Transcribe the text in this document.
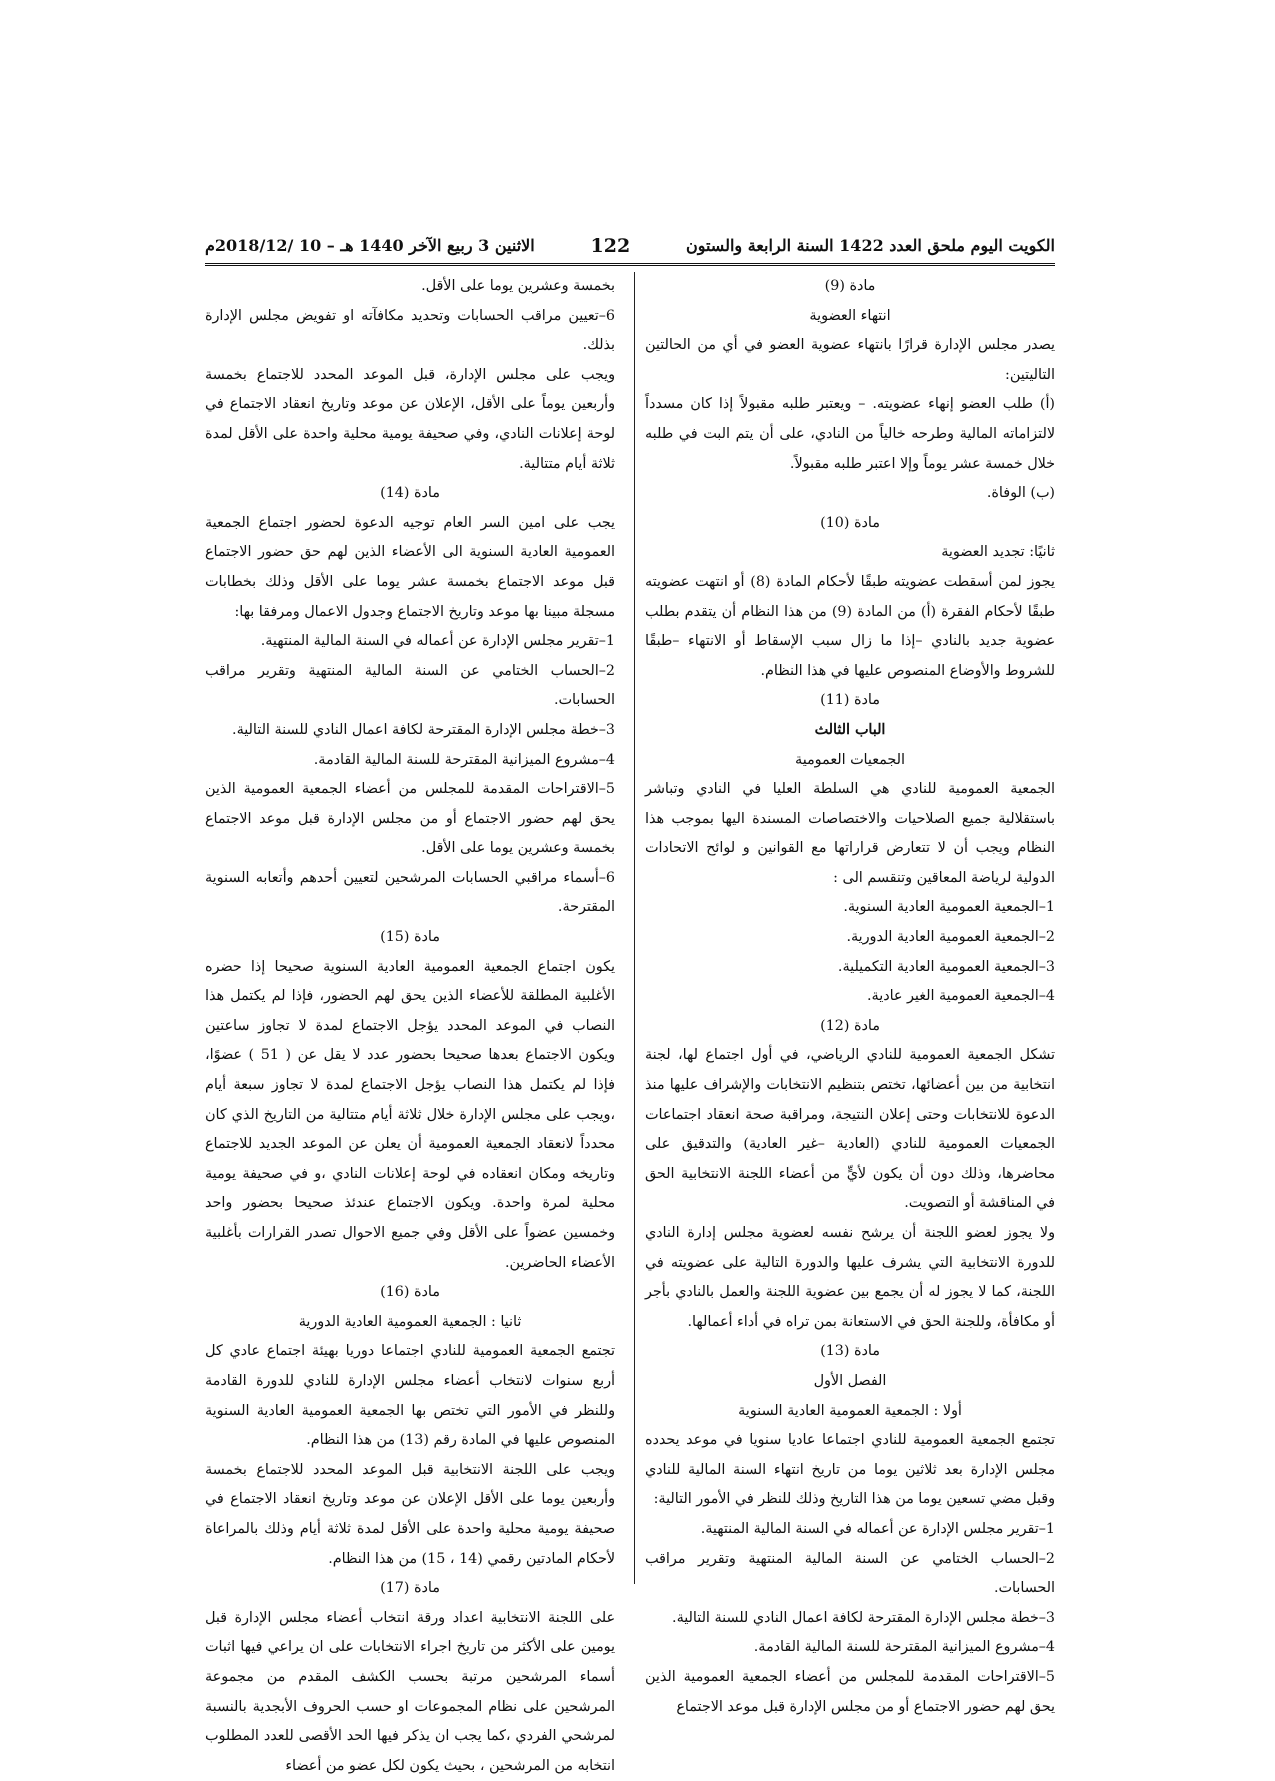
الكويت اليوم ملحق العدد 1422 السنة الرابعة والستون
122
الاثنين 3 ربيع الآخر 1440 هـ – 10 /2018/12م

مادة (9)

انتهاء العضوية

يصدر مجلس الإدارة قرارًا بانتهاء عضوية العضو في أي من الحالتين التاليتين:

(أ) طلب العضو إنهاء عضويته. – ويعتبر طلبه مقبولاً إذا كان مسدداً لالتزاماته المالية وطرحه خالياً من النادي، على أن يتم البت في طلبه خلال خمسة عشر يوماً وإلا اعتبر طلبه مقبولاً.

(ب) الوفاة.

مادة (10)

ثانيًا: تجديد العضوية

يجوز لمن أسقطت عضويته طبقًا لأحكام المادة (8) أو انتهت عضويته طبقًا لأحكام الفقرة (أ) من المادة (9) من هذا النظام أن يتقدم بطلب عضوية جديد بالنادي –إذا ما زال سبب الإسقاط أو الانتهاء –طبقًا للشروط والأوضاع المنصوص عليها في هذا النظام.

مادة (11)

الباب الثالث

الجمعيات العمومية

الجمعية العمومية للنادي هي السلطة العليا في النادي وتباشر باستقلالية جميع الصلاحيات والاختصاصات المسندة اليها بموجب هذا النظام ويجب أن لا تتعارض قراراتها مع القوانين و لوائح الاتحادات الدولية لرياضة المعاقين وتنقسم الى :

1–الجمعية العمومية العادية السنوية.

2–الجمعية العمومية العادية الدورية.

3–الجمعية العمومية العادية التكميلية.

4–الجمعية العمومية الغير عادية.

مادة (12)

تشكل الجمعية العمومية للنادي الرياضي، في أول اجتماع لها، لجنة انتخابية من بين أعضائها، تختص بتنظيم الانتخابات والإشراف عليها منذ الدعوة للانتخابات وحتى إعلان النتيجة، ومراقبة صحة انعقاد اجتماعات الجمعيات العمومية للنادي (العادية –غير العادية) والتدقيق على محاضرها، وذلك دون أن يكون لأيٍّ من أعضاء اللجنة الانتخابية الحق في المناقشة أو التصويت.

ولا يجوز لعضو اللجنة أن يرشح نفسه لعضوية مجلس إدارة النادي للدورة الانتخابية التي يشرف عليها والدورة التالية على عضويته في اللجنة، كما لا يجوز له أن يجمع بين عضوية اللجنة والعمل بالنادي بأجر أو مكافأة، وللجنة الحق في الاستعانة بمن تراه في أداء أعمالها.

مادة (13)

الفصل الأول

أولا : الجمعية العمومية العادية السنوية

تجتمع الجمعية العمومية للنادي اجتماعا عاديا سنويا في موعد يحدده مجلس الإدارة بعد ثلاثين يوما من تاريخ انتهاء السنة المالية للنادي وقبل مضي تسعين يوما من هذا التاريخ وذلك للنظر في الأمور التالية:

1–تقرير مجلس الإدارة عن أعماله في السنة المالية المنتهية.

2–الحساب الختامي عن السنة المالية المنتهية وتقرير مراقب الحسابات.

3–خطة مجلس الإدارة المقترحة لكافة اعمال النادي للسنة التالية.

4–مشروع الميزانية المقترحة للسنة المالية القادمة.

5–الاقتراحات المقدمة للمجلس من أعضاء الجمعية العمومية الذين يحق لهم حضور الاجتماع أو من مجلس الإدارة قبل موعد الاجتماع

بخمسة وعشرين يوما على الأقل.

6–تعيين مراقب الحسابات وتحديد مكافآته او تفويض مجلس الإدارة بذلك.

ويجب على مجلس الإدارة، قبل الموعد المحدد للاجتماع بخمسة وأربعين يوماً على الأقل، الإعلان عن موعد وتاريخ انعقاد الاجتماع في لوحة إعلانات النادي، وفي صحيفة يومية محلية واحدة على الأقل لمدة ثلاثة أيام متتالية.

مادة (14)

يجب على امين السر العام توجيه الدعوة لحضور اجتماع الجمعية العمومية العادية السنوية الى الأعضاء الذين لهم حق حضور الاجتماع قبل موعد الاجتماع بخمسة عشر يوما على الأقل وذلك بخطابات مسجلة مبينا بها موعد وتاريخ الاجتماع وجدول الاعمال ومرفقا بها:

1–تقرير مجلس الإدارة عن أعماله في السنة المالية المنتهية.

2–الحساب الختامي عن السنة المالية المنتهية وتقرير مراقب الحسابات.

3–خطة مجلس الإدارة المقترحة لكافة اعمال النادي للسنة التالية.

4–مشروع الميزانية المقترحة للسنة المالية القادمة.

5–الاقتراحات المقدمة للمجلس من أعضاء الجمعية العمومية الذين يحق لهم حضور الاجتماع أو من مجلس الإدارة قبل موعد الاجتماع بخمسة وعشرين يوما على الأقل.

6–أسماء مراقبي الحسابات المرشحين لتعيين أحدهم وأتعابه السنوية المقترحة.

مادة (15)

يكون اجتماع الجمعية العمومية العادية السنوية صحيحا إذا حضره الأغلبية المطلقة للأعضاء الذين يحق لهم الحضور، فإذا لم يكتمل هذا النصاب في الموعد المحدد يؤجل الاجتماع لمدة لا تجاوز ساعتين ويكون الاجتماع بعدها صحيحا بحضور عدد لا يقل عن ( 51 ) عضوًا، فإذا لم يكتمل هذا النصاب يؤجل الاجتماع لمدة لا تجاوز سبعة أيام ،ويجب على مجلس الإدارة خلال ثلاثة أيام متتالية من التاريخ الذي كان محدداً لانعقاد الجمعية العمومية أن يعلن عن الموعد الجديد للاجتماع وتاريخه ومكان انعقاده في لوحة إعلانات النادي ،و في صحيفة يومية محلية لمرة واحدة. ويكون الاجتماع عندئذ صحيحا بحضور واحد وخمسين عضواً على الأقل وفي جميع الاحوال تصدر القرارات بأغلبية الأعضاء الحاضرين.

مادة (16)

ثانيا : الجمعية العمومية العادية الدورية

تجتمع الجمعية العمومية للنادي اجتماعا دوريا بهيئة اجتماع عادي كل أربع سنوات لانتخاب أعضاء مجلس الإدارة للنادي للدورة القادمة وللنظر في الأمور التي تختص بها الجمعية العمومية العادية السنوية المنصوص عليها في المادة رقم (13) من هذا النظام.

ويجب على اللجنة الانتخابية قبل الموعد المحدد للاجتماع بخمسة وأربعين يوما على الأقل الإعلان عن موعد وتاريخ انعقاد الاجتماع في صحيفة يومية محلية واحدة على الأقل لمدة ثلاثة أيام وذلك بالمراعاة لأحكام المادتين رقمي (14 ، 15) من هذا النظام.

مادة (17)

على اللجنة الانتخابية اعداد ورقة انتخاب أعضاء مجلس الإدارة قبل يومين على الأكثر من تاريخ اجراء الانتخابات على ان يراعي فيها اثبات أسماء المرشحين مرتبة بحسب الكشف المقدم من مجموعة المرشحين على نظام المجموعات او حسب الحروف الأبجدية بالنسبة لمرشحي الفردي ،كما يجب ان يذكر فيها الحد الأقصى للعدد المطلوب انتخابه من المرشحين ، بحيث يكون لكل عضو من أعضاء
